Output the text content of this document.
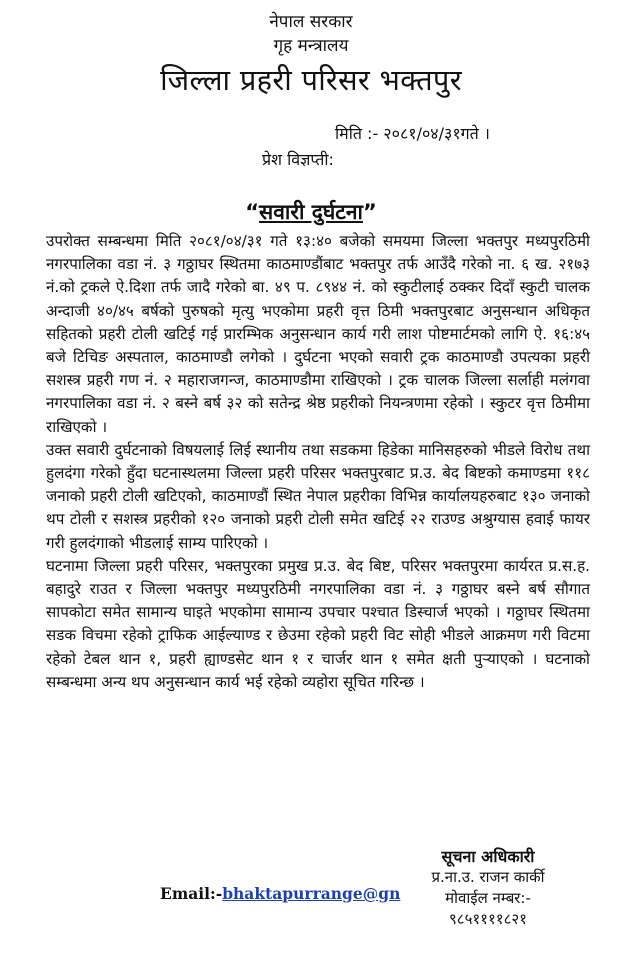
नेपाल सरकार
गृह मन्त्रालय
जिल्ला प्रहरी परिसर भक्तपुर
मिति :- २०८१/०४/३१गते ।
प्रेश विज्ञप्ती:
“सवारी दुर्घटना”

उपरोक्त सम्बन्धमा मिति २०८१/०४/३१ गते १३:४० बजेको समयमा जिल्ला भक्तपुर मध्यपुरठिमी नगरपालिका वडा नं. ३ गठ्ठाघर स्थितमा काठमाण्डौंबाट भक्तपुर तर्फ आउँदै गरेको ना. ६ ख. २१७३ नं.को ट्रकले ऐ.दिशा तर्फ जादै गरेको बा. ४९ प. ८९४४ नं. को स्कुटीलाई ठक्कर दिदाँ स्कुटी चालक अन्दाजी ४०/४५ बर्षको पुरुषको मृत्यु भएकोमा प्रहरी वृत्त ठिमी भक्तपुरबाट अनुसन्धान अधिकृत सहितको प्रहरी टोली खटिई गई प्रारम्भिक अनुसन्धान कार्य गरी लाश पोष्टमार्टमको लागि ऐ. १६:४५ बजे टिचिङ अस्पताल, काठमाण्डौ लगेको । दुर्घटना भएको सवारी ट्रक काठमाण्डौ उपत्यका प्रहरी सशस्त्र प्रहरी गण नं. २ महाराजगन्ज, काठमाण्डौमा राखिएको । ट्रक चालक जिल्ला सर्लाही मलंगवा नगरपालिका वडा नं. २ बस्ने बर्ष ३२ को सतेन्द्र श्रेष्ठ प्रहरीको नियन्त्रणमा रहेको । स्कुटर वृत्त ठिमीमा राखिएको ।

उक्त सवारी दुर्घटनाको विषयलाई लिई स्थानीय तथा सडकमा हिडेका मानिसहरुको भीडले विरोध तथा हुलदंगा गरेको हुँदा घटनास्थलमा जिल्ला प्रहरी परिसर भक्तपुरबाट प्र.उ. बेद बिष्टको कमाण्डमा ११८ जनाको प्रहरी टोली खटिएको, काठमाण्डौं स्थित नेपाल प्रहरीका विभिन्न कार्यालयहरुबाट १३० जनाको थप टोली र सशस्त्र प्रहरीको १२० जनाको प्रहरी टोली समेत खटिई २२ राउण्ड अश्रुग्यास हवाई फायर गरी हुलदंगाको भीडलाई साम्य पारिएको ।

घटनामा जिल्ला प्रहरी परिसर, भक्तपुरका प्रमुख प्र.उ. बेद बिष्ट, परिसर भक्तपुरमा कार्यरत प्र.स.ह. बहादुरे राउत र जिल्ला भक्तपुर मध्यपुरठिमी नगरपालिका वडा नं. ३ गठ्ठाघर बस्ने बर्ष सौगात सापकोटा समेत सामान्य घाइते भएकोमा सामान्य उपचार पश्चात डिस्चार्ज भएको । गठ्ठाघर स्थितमा सडक विचमा रहेको ट्राफिक आईल्याण्ड र छेउमा रहेको प्रहरी विट सोही भीडले आक्रमण गरी विटमा रहेको टेबल थान १, प्रहरी ह्याण्डसेट थान १ र चार्जर थान १ समेत क्षती पुर्‍याएको । घटनाको सम्बन्धमा अन्य थप अनुसन्धान कार्य भई रहेको व्यहोरा सूचित गरिन्छ ।

सूचना अधिकारी
प्र.ना.उ. राजन कार्की
मोवाईल नम्बर:-
९८५११११८२१
Email:-bhaktapurrange@gn
